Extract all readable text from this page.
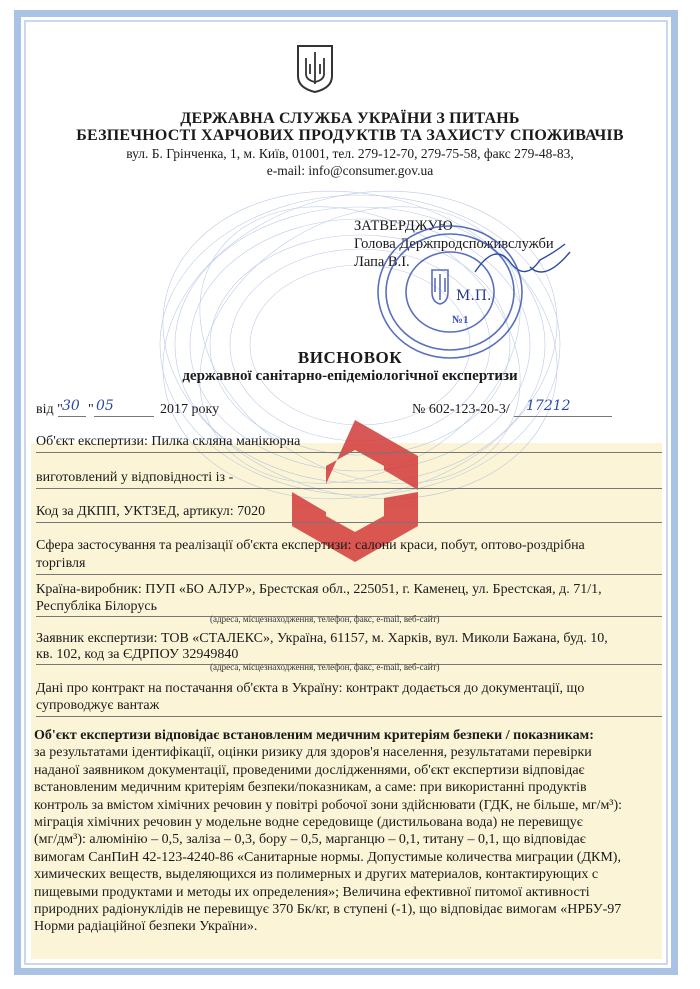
ДЕРЖАВНА СЛУЖБА УКРАЇНИ З ПИТАНЬ
БЕЗПЕЧНОСТІ ХАРЧОВИХ ПРОДУКТІВ ТА ЗАХИСТУ СПОЖИВАЧІВ
вул. Б. Грінченка, 1, м. Київ, 01001, тел. 279-12-70, 279-75-58, факс 279-48-83,
e-mail: info@consumer.gov.ua
ЗАТВЕРДЖУЮ
Голова Держпродспоживслужби
Лапа В.І.
М.П.
№1
ВИСНОВОК
державної санітарно-епідеміологічної експертизи
від " 30 " 05	2017 року	№ 602-123-20-3/ 17212
Об'єкт експертизи: Пилка скляна манікюрна
виготовлений у відповідності із -
Код за ДКПП, УКТЗЕД, артикул: 7020
Сфера застосування та реалізації об'єкта експертизи: салони краси, побут, оптово-роздрібна
торгівля
Країна-виробник: ПУП «БО АЛУР», Брестская обл., 225051, г. Каменец, ул. Брестская, д. 71/1,
Республіка Білорусь
(адреса, місцезнаходження, телефон, факс, e-mail, веб-сайт)
Заявник експертизи: ТОВ «СТАЛЕКС», Україна, 61157, м. Харків, вул. Миколи Бажана, буд. 10,
кв. 102, код за ЄДРПОУ 32949840
(адреса, місцезнаходження, телефон, факс, e-mail, веб-сайт)
Дані про контракт на постачання об'єкта в Україну: контракт додається до документації, що
супроводжує вантаж
Об'єкт експертизи відповідає встановленим медичним критеріям безпеки / показникам:
за результатами ідентифікації, оцінки ризику для здоров'я населення, результатами перевірки
наданої заявником документації, проведеними дослідженнями, об'єкт експертизи відповідає
встановленим медичним критеріям безпеки/показникам, а саме: при використанні продуктів
контроль за вмістом хімічних речовин у повітрі робочої зони здійснювати (ГДК, не більше, мг/м³):
міграція хімічних речовин у модельне водне середовище (дистильована вода) не перевищує
(мг/дм³): алюмінію – 0,5, заліза – 0,3, бору – 0,5, марганцю – 0,1, титану – 0,1, що відповідає
вимогам СанПиН 42-123-4240-86 «Санитарные нормы. Допустимые количества миграции (ДКМ),
химических веществ, выделяющихся из полимерных и других материалов, контактирующих с
пищевыми продуктами и методы их определения»; Величина ефективної питомої активності
природних радіонуклідів не перевищує 370 Бк/кг, в ступені (-1), що відповідає вимогам «НРБУ-97
Норми радіаційної безпеки України».
